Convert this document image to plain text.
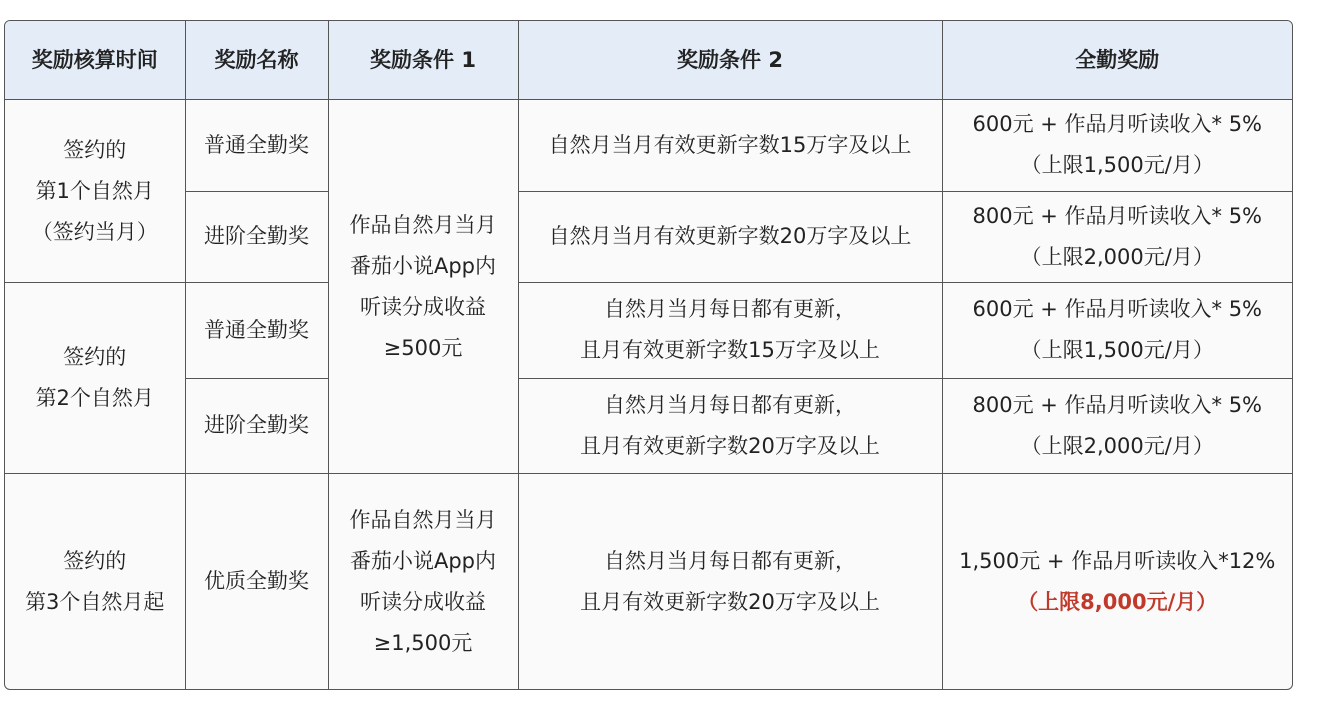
奖励核算时间	奖励名称	奖励条件 1	奖励条件 2	全勤奖励

签约的
第1个自然月
（签约当月）	普通全勤奖	作品自然月当月
番茄小说App内
听读分成收益
≥500元	自然月当月有效更新字数15万字及以上	600元 + 作品月听读收入* 5%
（上限1,500元/月）

	进阶全勤奖		自然月当月有效更新字数20万字及以上	800元 + 作品月听读收入* 5%
（上限2,000元/月）

签约的
第2个自然月	普通全勤奖		自然月当月每日都有更新，
且月有效更新字数15万字及以上	600元 + 作品月听读收入* 5%
（上限1,500元/月）

	进阶全勤奖		自然月当月每日都有更新，
且月有效更新字数20万字及以上	800元 + 作品月听读收入* 5%
（上限2,000元/月）

签约的
第3个自然月起	优质全勤奖	作品自然月当月
番茄小说App内
听读分成收益
≥1,500元	自然月当月每日都有更新，
且月有效更新字数20万字及以上	1,500元 + 作品月听读收入*12%
（上限8,000元/月）
